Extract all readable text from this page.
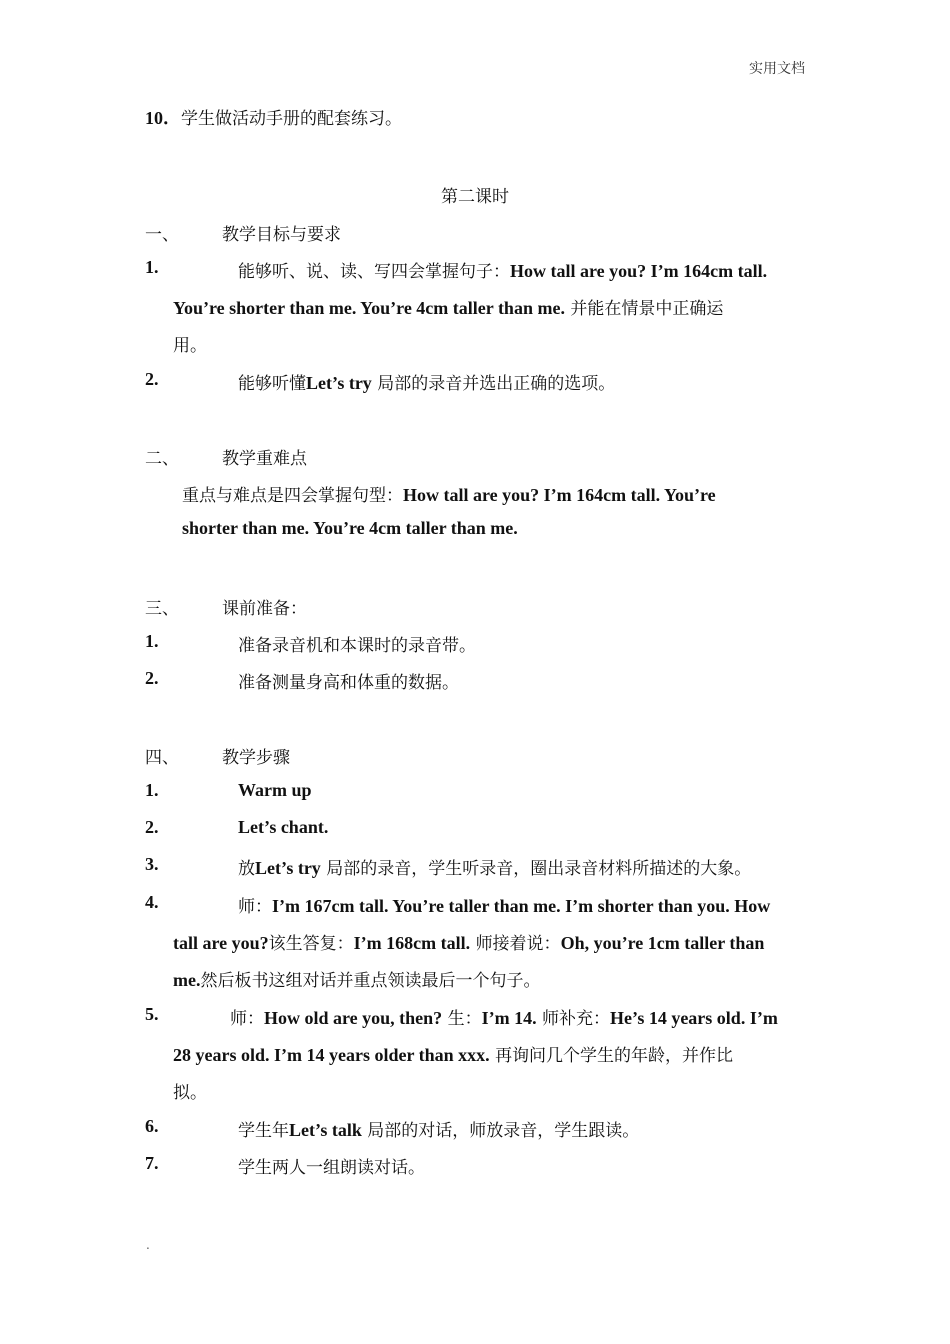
实用文档
10．学生做活动手册的配套练习。
第二课时
一、	教学目标与要求
1.	能够听、说、读、写四会掌握句子：How tall are you? I’m 164cm tall.
You’re shorter than me. You’re 4cm taller than me. 并能在情景中正确运
用。
2.	能够听懂Let’s try 局部的录音并选出正确的选项。
二、	教学重难点
重点与难点是四会掌握句型：How tall are you? I’m 164cm tall. You’re
shorter than me. You’re 4cm taller than me.
三、	课前准备：
1.	准备录音机和本课时的录音带。
2.	准备测量身高和体重的数据。
四、	教学步骤
1.	Warm up
2.	Let’s chant.
3.	放Let’s try 局部的录音，学生听录音，圈出录音材料所描述的大象。
4.	师：I’m 167cm tall. You’re taller than me. I’m shorter than you. How
tall are you?该生答复：I’m 168cm tall. 师接着说：Oh, you’re 1cm taller than
me.然后板书这组对话并重点领读最后一个句子。
5.	师：How old are you, then? 生：I’m 14. 师补充：He’s 14 years old. I’m
28 years old. I’m 14 years older than xxx. 再询问几个学生的年龄，并作比
拟。
6.	学生年Let’s talk 局部的对话，师放录音，学生跟读。
7.	学生两人一组朗读对话。
.
